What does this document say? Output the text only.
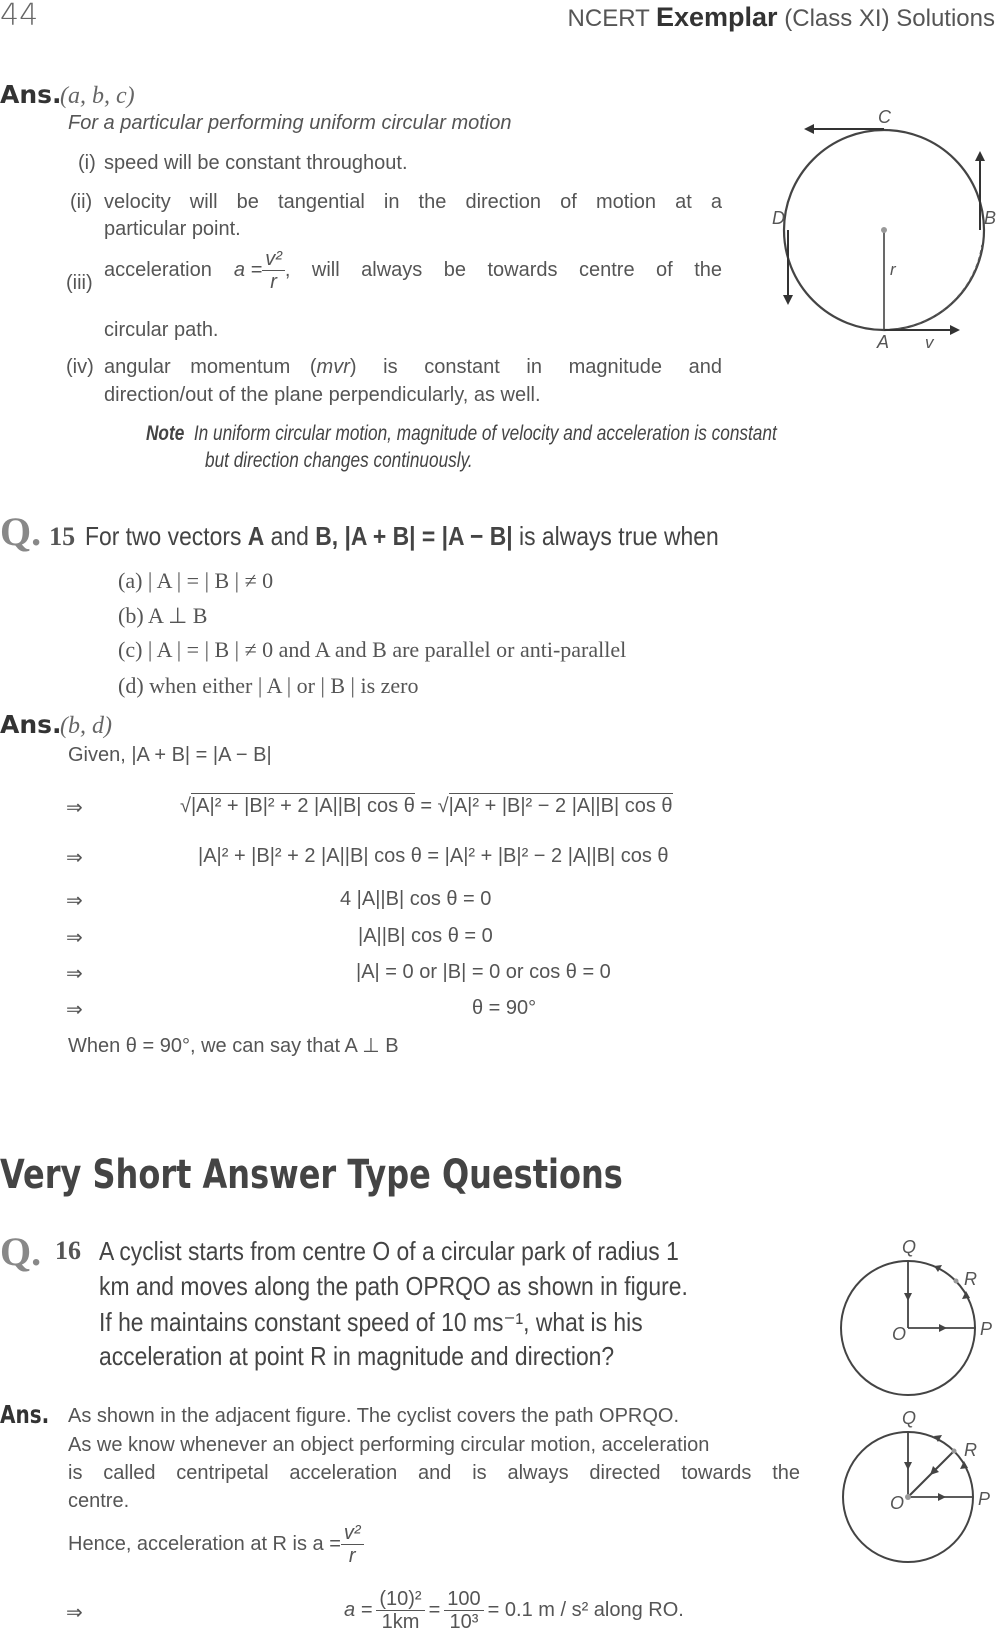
44	NCERT Exemplar (Class XI) Solutions
Ans. (a, b, c)
For a particular performing uniform circular motion
(i) speed will be constant throughout.
(ii) velocity will be tangential in the direction of motion at a
particular point.
(iii)
acceleration $a = \frac{\text{v²}}{r}$ , will always be towards centre of the
circular path.
(iv) angular momentum ( mvr ) is constant in magnitude and
direction/out of the plane perpendicularly, as well.
Note In uniform circular motion, magnitude of velocity and acceleration is constant
but direction changes continuously.
C
D	B
A
r
v
Q. 15 For two vectors A and B, |A + B| = |A − B| is always true when
(a) | A | = | B | ≠ 0
(b) A ⊥ B
(c) | A | = | B | ≠ 0 and A and B are parallel or anti-parallel
(d) when either | A | or | B | is zero
Ans. (b, d)
Given, |A + B| = |A − B|
⇒	√|A|² + |B|² + 2 |A||B| cos θ = √|A|² + |B|² − 2 |A||B| cos θ
⇒	|A|² + |B|² + 2 |A||B| cos θ = |A|² + |B|² − 2 |A||B| cos θ
⇒	4 |A||B| cos θ = 0
⇒	|A||B| cos θ = 0
⇒	|A| = 0 or |B| = 0 or cos θ = 0
⇒	θ = 90°
When θ = 90°, we can say that A ⊥ B
Very Short Answer Type Questions
Q. 16 A cyclist starts from centre O of a circular park of radius 1
km and moves along the path OPRQO as shown in figure.
If he maintains constant speed of 10 ms⁻¹, what is his
acceleration at point R in magnitude and direction?
Ans. As shown in the adjacent figure. The cyclist covers the path OPRQO.
As we know whenever an object performing circular motion, acceleration
is called centripetal acceleration and is always directed towards the
centre.
Hence, acceleration at R is $a = \frac{\text{v²}}{r}$
⇒	$a = \frac{\text{(10)²}}{1km} = \frac{100}{\text{10³}} = 0.1$ m / s² along RO.
Q
R
O	P
Q
R
O	P
